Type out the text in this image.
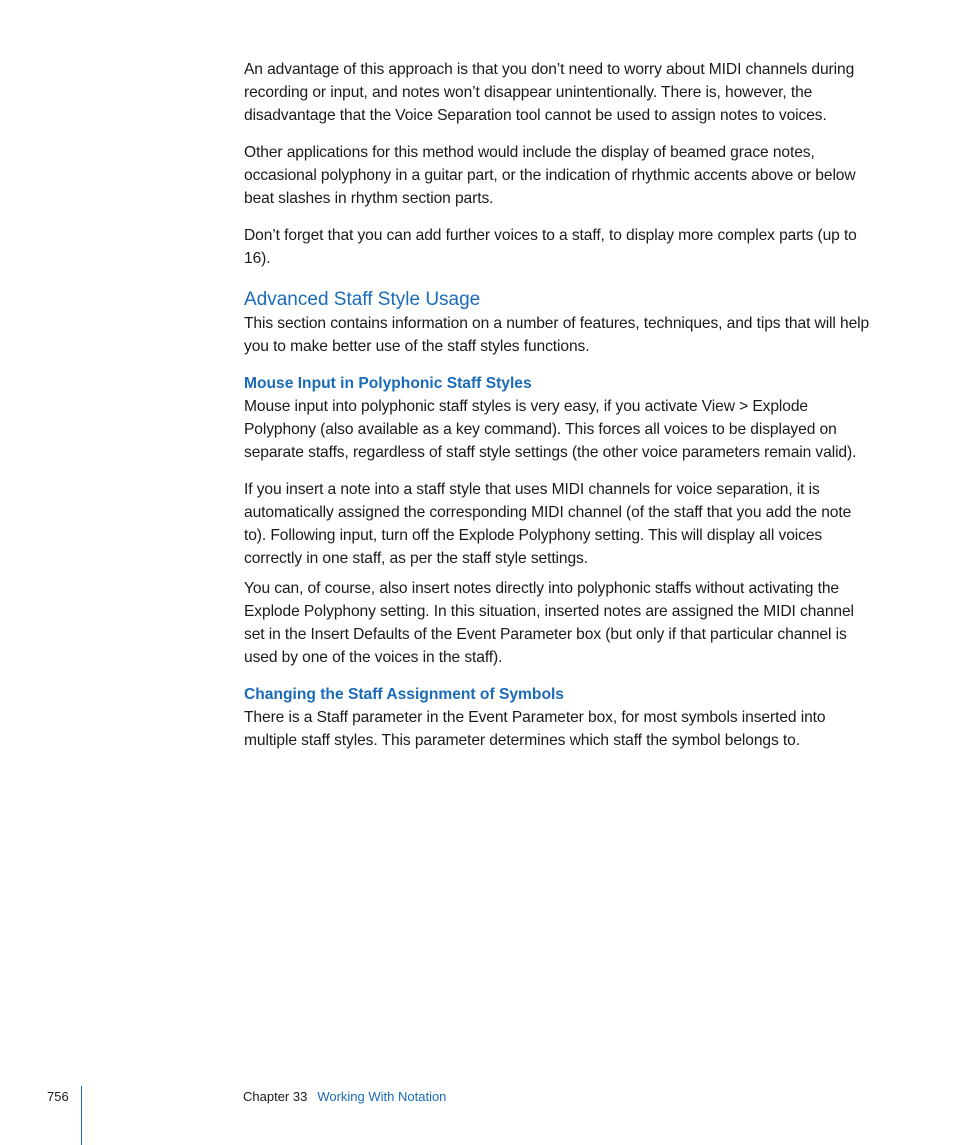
An advantage of this approach is that you don’t need to worry about MIDI channels during recording or input, and notes won’t disappear unintentionally. There is, however, the disadvantage that the Voice Separation tool cannot be used to assign notes to voices.

Other applications for this method would include the display of beamed grace notes, occasional polyphony in a guitar part, or the indication of rhythmic accents above or below beat slashes in rhythm section parts.

Don’t forget that you can add further voices to a staff, to display more complex parts (up to 16).

Advanced Staff Style Usage

This section contains information on a number of features, techniques, and tips that will help you to make better use of the staff styles functions.

Mouse Input in Polyphonic Staff Styles

Mouse input into polyphonic staff styles is very easy, if you activate View > Explode Polyphony (also available as a key command). This forces all voices to be displayed on separate staffs, regardless of staff style settings (the other voice parameters remain valid).

If you insert a note into a staff style that uses MIDI channels for voice separation, it is automatically assigned the corresponding MIDI channel (of the staff that you add the note to). Following input, turn off the Explode Polyphony setting. This will display all voices correctly in one staff, as per the staff style settings.

You can, of course, also insert notes directly into polyphonic staffs without activating the Explode Polyphony setting. In this situation, inserted notes are assigned the MIDI channel set in the Insert Defaults of the Event Parameter box (but only if that particular channel is used by one of the voices in the staff).

Changing the Staff Assignment of Symbols

There is a Staff parameter in the Event Parameter box, for most symbols inserted into multiple staff styles. This parameter determines which staff the symbol belongs to.

756	Chapter 33 Working With Notation
